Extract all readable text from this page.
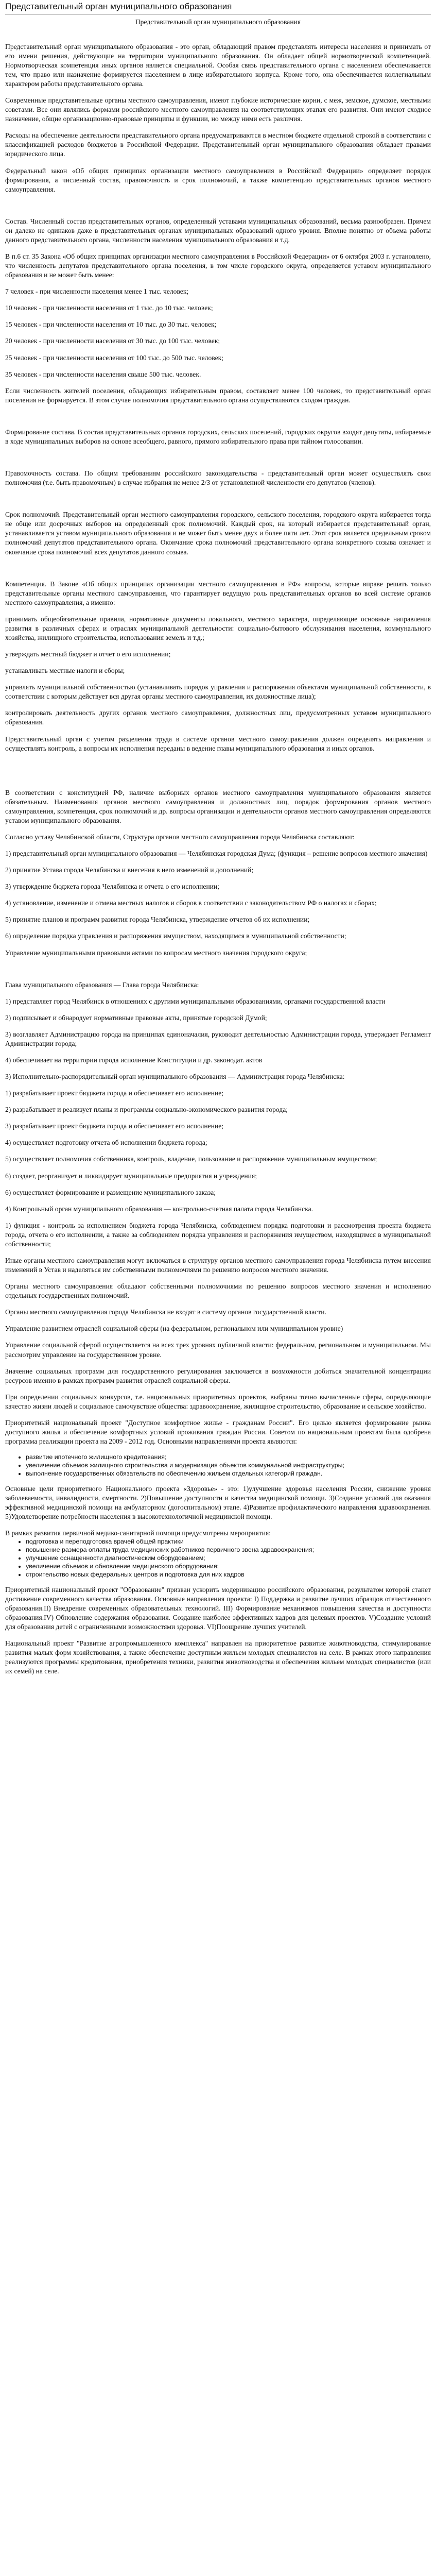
Представительный орган муниципального образования
Представительный орган муниципального образования

Представительный орган муниципального образования - это орган, обладающий правом представлять интересы населения и принимать от его имени решения, действующие на территории муниципального образования. Он обладает общей нормотворческой компетенцией. Нормотворческая компетенция иных органов является специальной. Особая связь представительного органа с населением обеспечивается тем, что право или назначение формируется населением в лице избирательного корпуса. Кроме того, она обеспечивается коллегиальным характером работы представительного органа.

Современные представительные органы местного самоуправления, имеют глубокие исторические корни, с меж, земское, думское, местными советами. Все они являлись формами российского местного самоуправления на соответствующих этапах его развития. Они имеют сходное назначение, общие организационно-правовые принципы и функции, но между ними есть различия.

Расходы на обеспечение деятельности представительного органа предусматриваются в местном бюджете отдельной строкой в соответствии с классификацией расходов бюджетов в Российской Федерации. Представительный орган муниципального образования обладает правами юридического лица.

Федеральный закон «Об общих принципах организации местного самоуправления в Российской Федерации» определяет порядок формирования, а численный состав, правомочность и срок полномочий, а также компетенцию представительных органов местного самоуправления.

Состав. Численный состав представительных органов, определенный уставами муниципальных образований, весьма разнообразен. Причем он далеко не одинаков даже в представительных органах муниципальных образований одного уровня. Вполне понятно от объема работы данного представительного органа, численности населения муниципального образования и т.д.

В п.6 ст. 35 Закона «Об общих принципах организации местного самоуправления в Российской Федерации» от 6 октября 2003 г. установлено, что численность депутатов представительного органа поселения, в том числе городского округа, определяется уставом муниципального образования и не может быть менее:

7 человек - при численности населения менее 1 тыс. человек;

10 человек - при численности населения от 1 тыс. до 10 тыс. человек;

15 человек - при численности населения от 10 тыс. до 30 тыс. человек;

20 человек - при численности населения от 30 тыс. до 100 тыс. человек;

25 человек - при численности населения от 100 тыс. до 500 тыс. человек;

35 человек - при численности населения свыше 500 тыс. человек.

Если численность жителей поселения, обладающих избирательным правом, составляет менее 100 человек, то представительный орган поселения не формируется. В этом случае полномочия представительного органа осуществляются сходом граждан.

Формирование состава. В состав представительных органов городских, сельских поселений, городских округов входят депутаты, избираемые в ходе муниципальных выборов на основе всеобщего, равного, прямого избирательного права при тайном голосовании.

Правомочность состава. По общим требованиям российского законодательства - представительный орган может осуществлять свои полномочия (т.е. быть правомочным) в случае избрания не менее 2/3 от установленной численности его депутатов (членов).

Срок полномочий. Представительный орган местного самоуправления городского, сельского поселения, городского округа избирается тогда не обще или досрочных выборов на определенный срок полномочий. Каждый срок, на который избирается представительный орган, устанавливается уставом муниципального образования и не может быть менее двух и более пяти лет. Этот срок является предельным сроком полномочий депутатов представительного органа. Окончание срока полномочий представительного органа конкретного созыва означает и окончание срока полномочий всех депутатов данного созыва.

Компетенция. В Законе «Об общих принципах организации местного самоуправления в РФ» вопросы, которые вправе решать только представительные органы местного самоуправления, что гарантирует ведущую роль представительных органов во всей системе органов местного самоуправления, а именно:

принимать общеобязательные правила, нормативные документы локального, местного характера, определяющие основные направления развития в различных сферах и отраслях муниципальной деятельности: социально-бытового обслуживания населения, коммунального хозяйства, жилищного строительства, использования земель и т.д.;

утверждать местный бюджет и отчет о его исполнении;

устанавливать местные налоги и сборы;

управлять муниципальной собственностью (устанавливать порядок управления и распоряжения объектами муниципальной собственности, в соответствии с которым действует вся другая органы местного самоуправления, их должностные лица);

контролировать деятельность других органов местного самоуправления, должностных лиц, предусмотренных уставом муниципального образования.

Представительный орган с учетом разделения труда в системе органов местного самоуправления должен определять направления и осуществлять контроль, а вопросы их исполнения переданы в ведение главы муниципального образования и иных органов.

В соответствии с конституцией РФ, наличие выборных органов местного самоуправления муниципального образования является обязательным. Наименования органов местного самоуправления и должностных лиц, порядок формирования органов местного самоуправления, компетенция, срок полномочий и др. вопросы организации и деятельности органов местного самоуправления определяются уставом муниципального образования.

Согласно уставу Челябинской области, Структура органов местного самоуправления города Челябинска составляют:

1) представительный орган муниципального образования — Челябинская городская Дума; (функция – решение вопросов местного значения)

2) принятие Устава города Челябинска и внесения в него изменений и дополнений;

3) утверждение бюджета города Челябинска и отчета о его исполнении;

4) установление, изменение и отмена местных налогов и сборов в соответствии с законодательством РФ о налогах и сборах;

5) принятие планов и программ развития города Челябинска, утверждение отчетов об их исполнении;

6) определение порядка управления и распоряжения имуществом, находящимся в муниципальной собственности;

Управление муниципальными правовыми актами по вопросам местного значения городского округа;

Глава муниципального образования — Глава города Челябинска:

1) представляет город Челябинск в отношениях с другими муниципальными образованиями, органами государственной власти

2) подписывает и обнародует нормативные правовые акты, принятые городской Думой;

3) возглавляет Администрацию города на принципах единоначалия, руководит деятельностью Администрации города, утверждает Регламент Администрации города;

4) обеспечивает на территории города исполнение Конституции и др. законодат. актов

3) Исполнительно-распорядительный орган муниципального образования — Администрация города Челябинска:

1) разрабатывает проект бюджета города и обеспечивает его исполнение;

2) разрабатывает и реализует планы и программы социально-экономического развития города;

3) разрабатывает проект бюджета города и обеспечивает его исполнение;

4) осуществляет подготовку отчета об исполнении бюджета города;

5) осуществляет полномочия собственника, контроль, владение, пользование и распоряжение муниципальным имуществом;

6) создает, реорганизует и ликвидирует муниципальные предприятия и учреждения;

6) осуществляет формирование и размещение муниципального заказа;

4) Контрольный орган муниципального образования — контрольно-счетная палата города Челябинска.

1) функция - контроль за исполнением бюджета города Челябинска, соблюдением порядка подготовки и рассмотрения проекта бюджета города, отчета о его исполнении, а также за соблюдением порядка управления и распоряжения имуществом, находящимся в муниципальной собственности;

Иные органы местного самоуправления могут включаться в структуру органов местного самоуправления города Челябинска путем внесения изменений в Устав и наделяться им собственными полномочиями по решению вопросов местного значения.

Органы местного самоуправления обладают собственными полномочиями по решению вопросов местного значения и исполнению отдельных государственных полномочий.

Органы местного самоуправления города Челябинска не входят в систему органов государственной власти.

Управление развитием отраслей социальной сферы (на федеральном, региональном или муниципальном уровне)

Управление социальной сферой осуществляется на всех трех уровнях публичной власти: федеральном, региональном и муниципальном. Мы рассмотрим управление на государственном уровне.

Значение социальных программ для государственного регулирования заключается в возможности добиться значительной концентрации ресурсов именно в рамках программ развития отраслей социальной сферы.

При определении социальных конкурсов, т.е. национальных приоритетных проектов, выбраны точно вычисленные сферы, определяющие качество жизни людей и социальное самочувствие общества: здравоохранение, жилищное строительство, образование и сельское хозяйство.

Приоритетный национальный проект "Доступное комфортное жилье - гражданам России". Его целью является формирование рынка доступного жилья и обеспечение комфортных условий проживания граждан России. Советом по национальным проектам была одобрена программа реализации проекта на 2009 - 2012 год. Основными направлениями проекта являются:

• развитие ипотечного жилищного кредитования;
• увеличение объемов жилищного строительства и модернизация объектов коммунальной инфраструктуры;
• выполнение государственных обязательств по обеспечению жильем отдельных категорий граждан.

Основные цели приоритетного Национального проекта «Здоровье» - это: 1)улучшение здоровья населения России, снижение уровня заболеваемости, инвалидности, смертности. 2)Повышение доступности и качества медицинской помощи. 3)Создание условий для оказания эффективной медицинской помощи на амбулаторном (догоспитальном) этапе. 4)Развитие профилактического направления здравоохранения. 5)Удовлетворение потребности населения в высокотехнологичной медицинской помощи.

В рамках развития первичной медико-санитарной помощи предусмотрены мероприятия:

• подготовка и переподготовка врачей общей практики
• повышение размера оплаты труда медицинских работников первичного звена здравоохранения;
• улучшение оснащенности диагностическим оборудованием;
• увеличение объемов и обновление медицинского оборудования;
• строительство новых федеральных центров и подготовка для них кадров

Приоритетный национальный проект "Образование" призван ускорить модернизацию российского образования, результатом которой станет достижение современного качества образования. Основные направления проекта: I) Поддержка и развитие лучших образцов отечественного образования.II) Внедрение современных образовательных технологий. III) Формирование механизмов повышения качества и доступности образования.IV) Обновление содержания образования. Создание наиболее эффективных кадров для целевых проектов. V)Создание условий для образования детей с ограниченными возможностями здоровья. VI)Поощрение лучших учителей.

Национальный проект "Развитие агропромышленного комплекса" направлен на приоритетное развитие животноводства, стимулирование развития малых форм хозяйствования, а также обеспечение доступным жильем молодых специалистов на селе. В рамках этого направления реализуются программы кредитования, приобретения техники, развития животноводства и обеспечения жильем молодых специалистов (или их семей) на селе.
